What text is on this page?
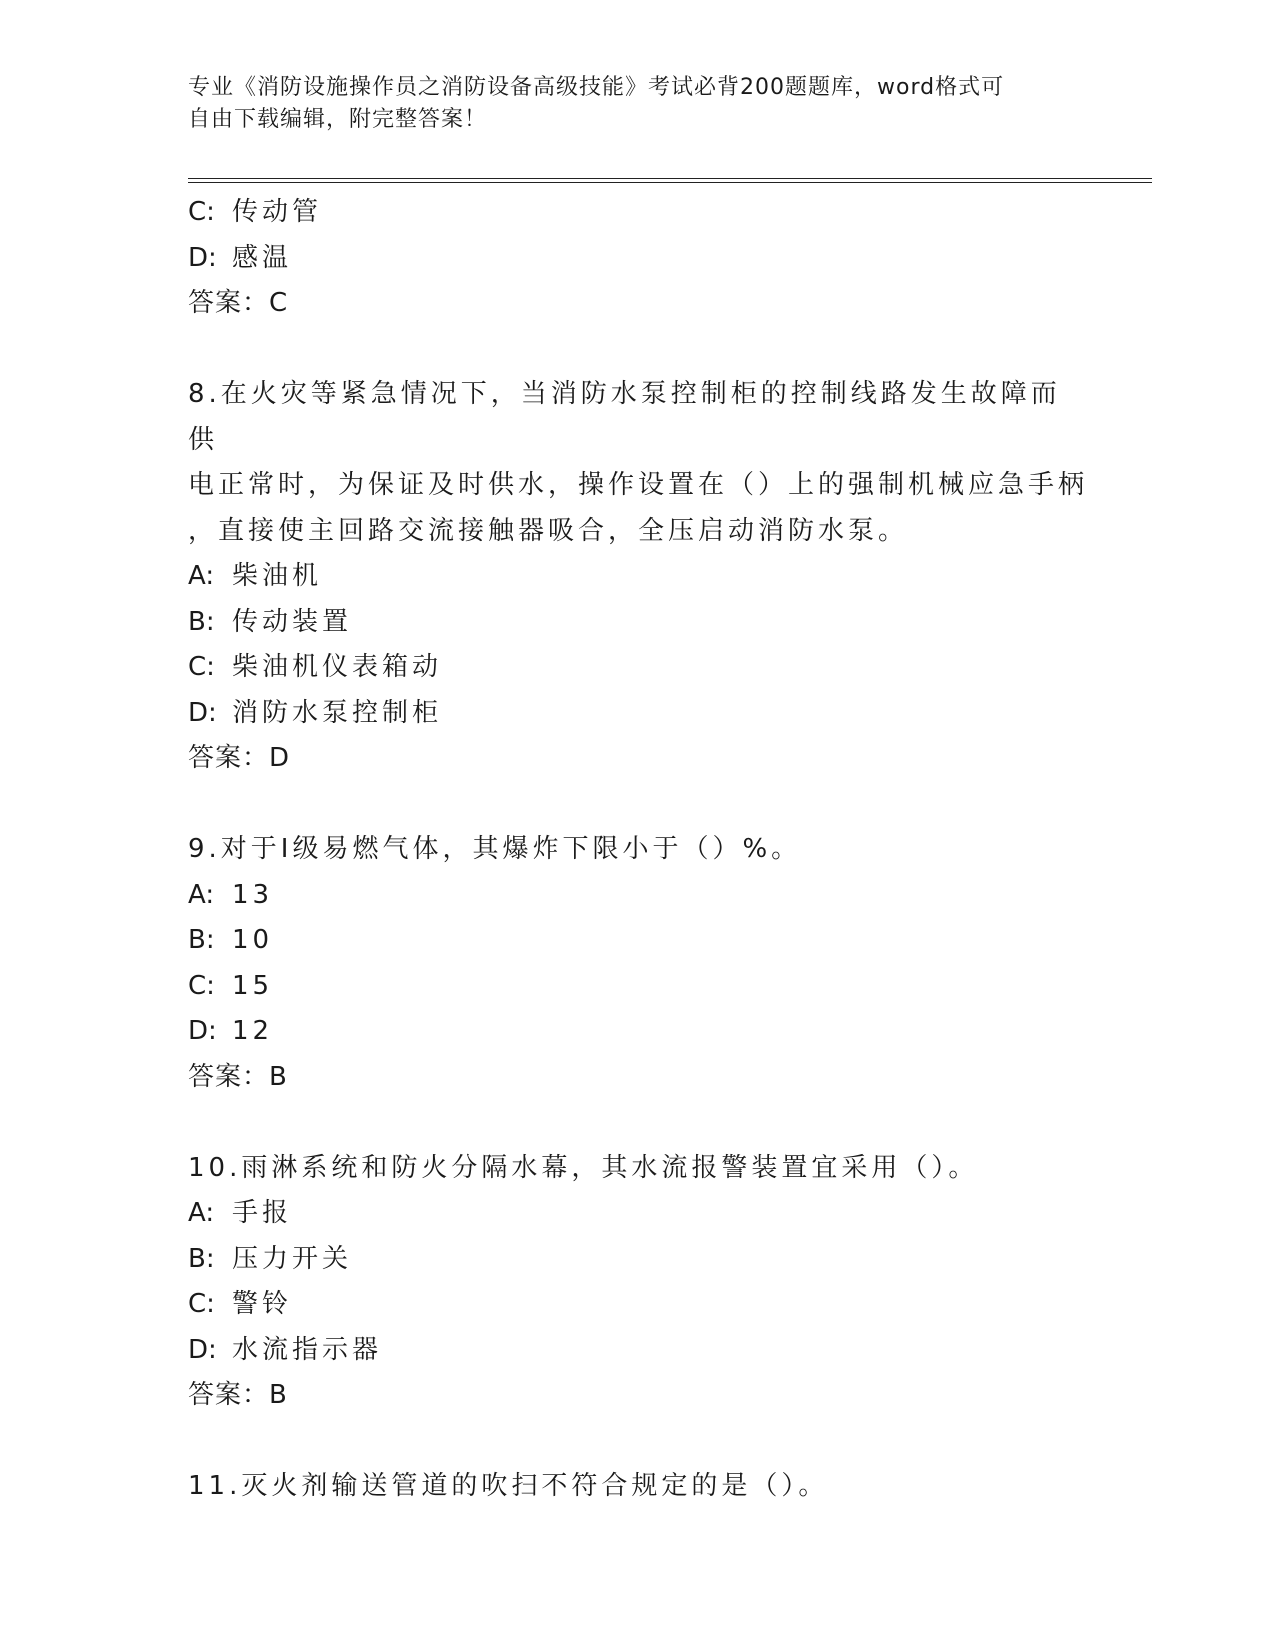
专业《消防设施操作员之消防设备高级技能》考试必背200题题库，word格式可
自由下载编辑，附完整答案！
C: 传动管
D: 感温
答案：C
8.在火灾等紧急情况下，当消防水泵控制柜的控制线路发生故障而供
电正常时，为保证及时供水，操作设置在（）上的强制机械应急手柄
，直接使主回路交流接触器吸合，全压启动消防水泵。
A: 柴油机
B: 传动装置
C: 柴油机仪表箱动
D: 消防水泵控制柜
答案：D
9.对于Ⅰ级易燃气体，其爆炸下限小于（）%。
A: 13
B: 10
C: 15
D: 12
答案：B
10.雨淋系统和防火分隔水幕，其水流报警装置宜采用（）。
A: 手报
B: 压力开关
C: 警铃
D: 水流指示器
答案：B
11.灭火剂输送管道的吹扫不符合规定的是（）。
